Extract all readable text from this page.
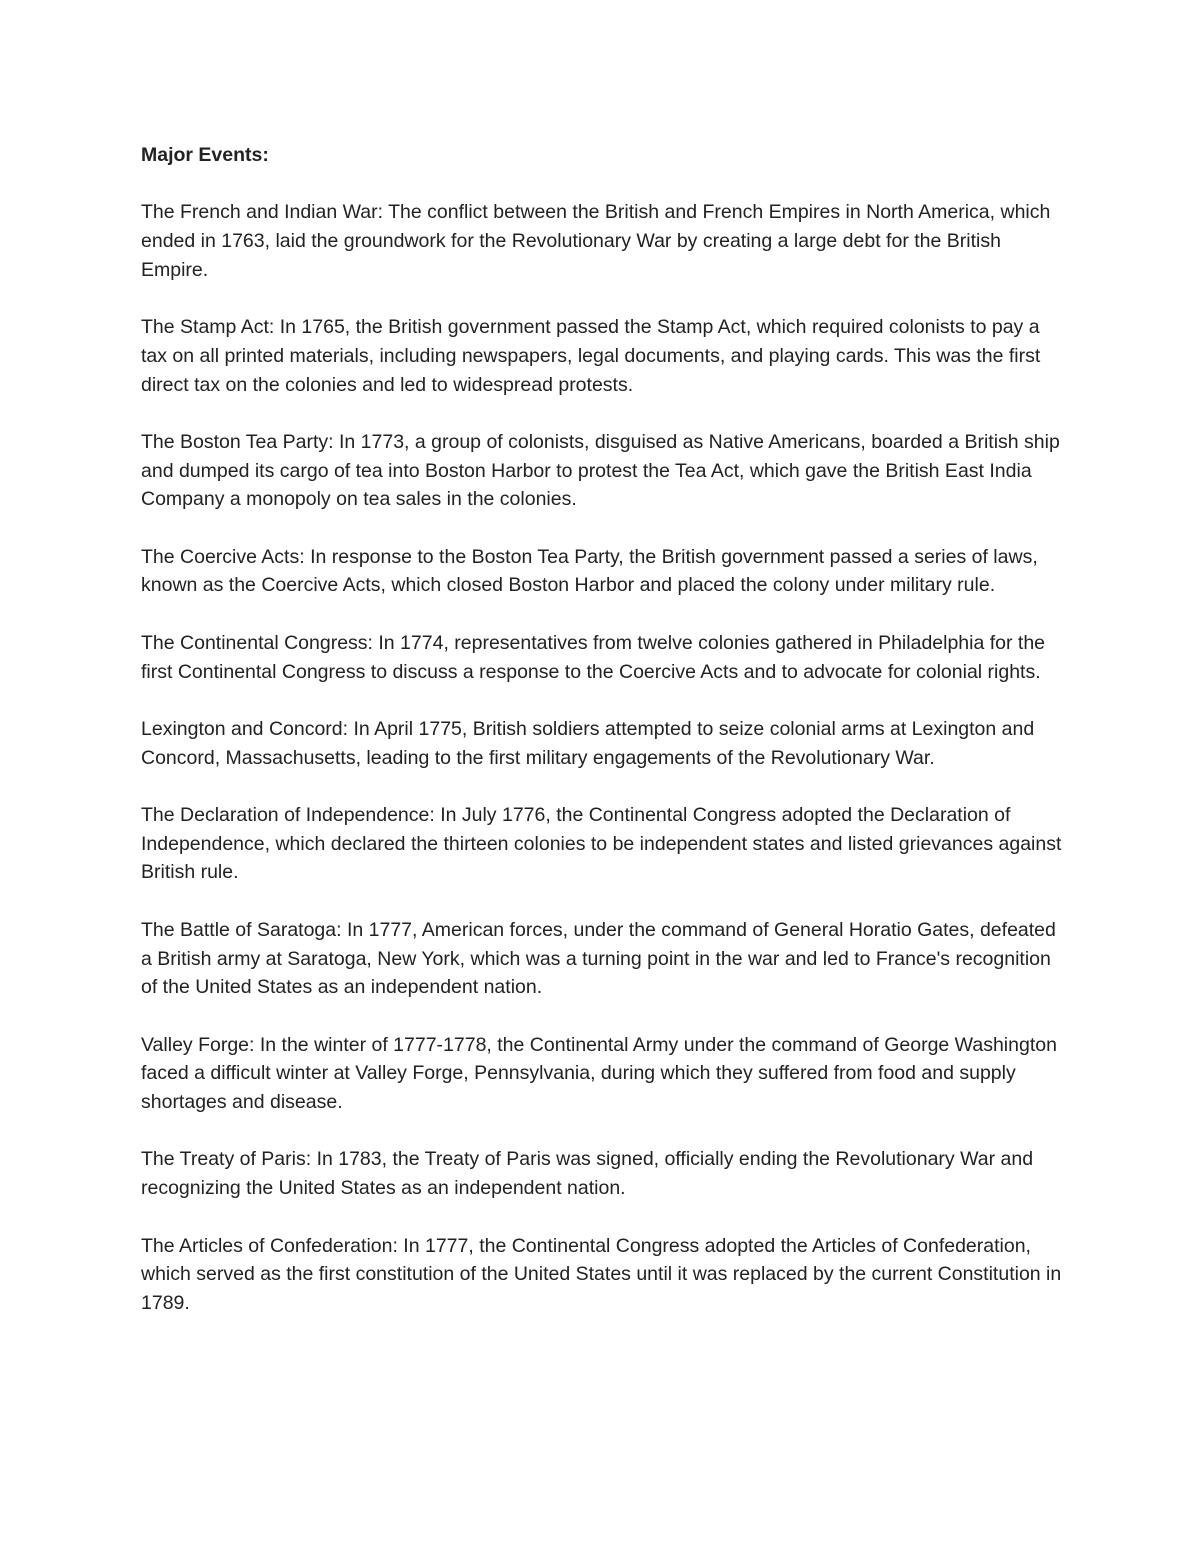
Major Events:

The French and Indian War: The conflict between the British and French Empires in North America, which ended in 1763, laid the groundwork for the Revolutionary War by creating a large debt for the British Empire.

The Stamp Act: In 1765, the British government passed the Stamp Act, which required colonists to pay a tax on all printed materials, including newspapers, legal documents, and playing cards. This was the first direct tax on the colonies and led to widespread protests.

The Boston Tea Party: In 1773, a group of colonists, disguised as Native Americans, boarded a British ship and dumped its cargo of tea into Boston Harbor to protest the Tea Act, which gave the British East India Company a monopoly on tea sales in the colonies.

The Coercive Acts: In response to the Boston Tea Party, the British government passed a series of laws, known as the Coercive Acts, which closed Boston Harbor and placed the colony under military rule.

The Continental Congress: In 1774, representatives from twelve colonies gathered in Philadelphia for the first Continental Congress to discuss a response to the Coercive Acts and to advocate for colonial rights.

Lexington and Concord: In April 1775, British soldiers attempted to seize colonial arms at Lexington and Concord, Massachusetts, leading to the first military engagements of the Revolutionary War.

The Declaration of Independence: In July 1776, the Continental Congress adopted the Declaration of Independence, which declared the thirteen colonies to be independent states and listed grievances against British rule.

The Battle of Saratoga: In 1777, American forces, under the command of General Horatio Gates, defeated a British army at Saratoga, New York, which was a turning point in the war and led to France's recognition of the United States as an independent nation.

Valley Forge: In the winter of 1777-1778, the Continental Army under the command of George Washington faced a difficult winter at Valley Forge, Pennsylvania, during which they suffered from food and supply shortages and disease.

The Treaty of Paris: In 1783, the Treaty of Paris was signed, officially ending the Revolutionary War and recognizing the United States as an independent nation.

The Articles of Confederation: In 1777, the Continental Congress adopted the Articles of Confederation, which served as the first constitution of the United States until it was replaced by the current Constitution in 1789.
